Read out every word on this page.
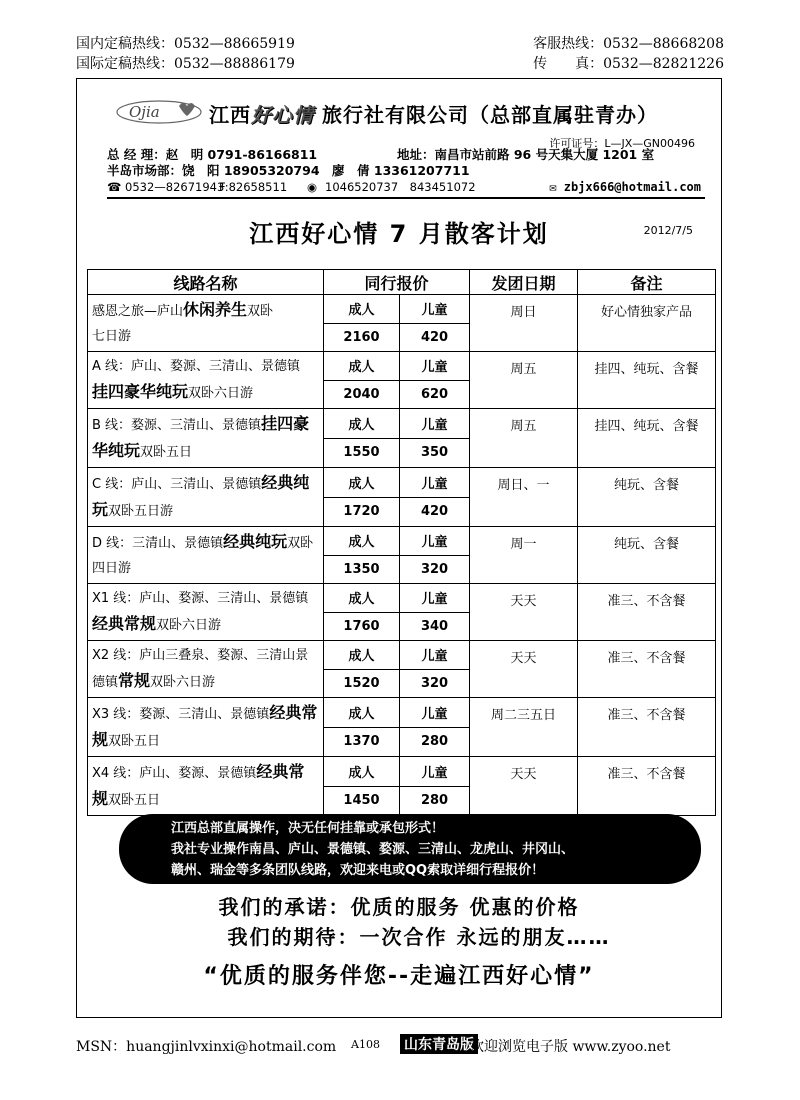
国内定稿热线：0532—88665919
国际定稿热线：0532—88886179
客服热线：0532—88668208
传　　真：0532—82821226
Ojia 江西好心情 旅行社有限公司（总部直属驻青办）
许可证号：L—JX—GN00496
总 经 理：赵　明 0791-86166811	地址：南昌市站前路 96 号天集大厦 1201 室
半岛市场部：饶　阳 18905320794　廖　倩 13361207711
☎ 0532—82671943
F:82658511 ◉ 1046520737　843451072	✉ zbjx666@hotmail.com
江西好心情 7 月散客计划	2012/7/5
线路名称	同行报价		发团日期	备注
感恩之旅—庐山休闲养生双卧
七日游	成人	儿童	周日	好心情独家产品
	2160	420		
A 线：庐山、婺源、三清山、景德镇 挂四豪华纯玩双卧六日游	成人	儿童	周五	挂四、纯玩、含餐
	2040	620		
B 线：婺源、三清山、景德镇挂四豪华纯玩双卧五日	成人	儿童	周五	挂四、纯玩、含餐
	1550	350		
C 线：庐山、三清山、景德镇经典纯玩双卧五日游	成人	儿童	周日、一	纯玩、含餐
	1720	420		
D 线：三清山、景德镇经典纯玩双卧四日游	成人	儿童	周一	纯玩、含餐
	1350	320		
X1 线：庐山、婺源、三清山、景德镇经典常规双卧六日游	成人	儿童	天天	准三、不含餐
	1760	340		
X2 线：庐山三叠泉、婺源、三清山景德镇常规双卧六日游	成人	儿童	天天	准三、不含餐
	1520	320		
X3 线：婺源、三清山、景德镇经典常规双卧五日	成人	儿童	周二三五日	准三、不含餐
	1370	280		
X4 线：庐山、婺源、景德镇经典常规双卧五日	成人	儿童	天天	准三、不含餐
	1450	280		
江西总部直属操作，决无任何挂靠或承包形式！
我社专业操作南昌、庐山、景德镇、婺源、三清山、龙虎山、井冈山、
赣州、瑞金等多条团队线路，欢迎来电或QQ索取详细行程报价！
我们的承诺：优质的服务 优惠的价格
我们的期待：一次合作 永远的朋友……
“优质的服务伴您--走遍江西好心情”
MSN：huangjinlvxinxi@hotmail.com A108 山东青岛版
欢迎浏览电子版 www.zyoo.net
